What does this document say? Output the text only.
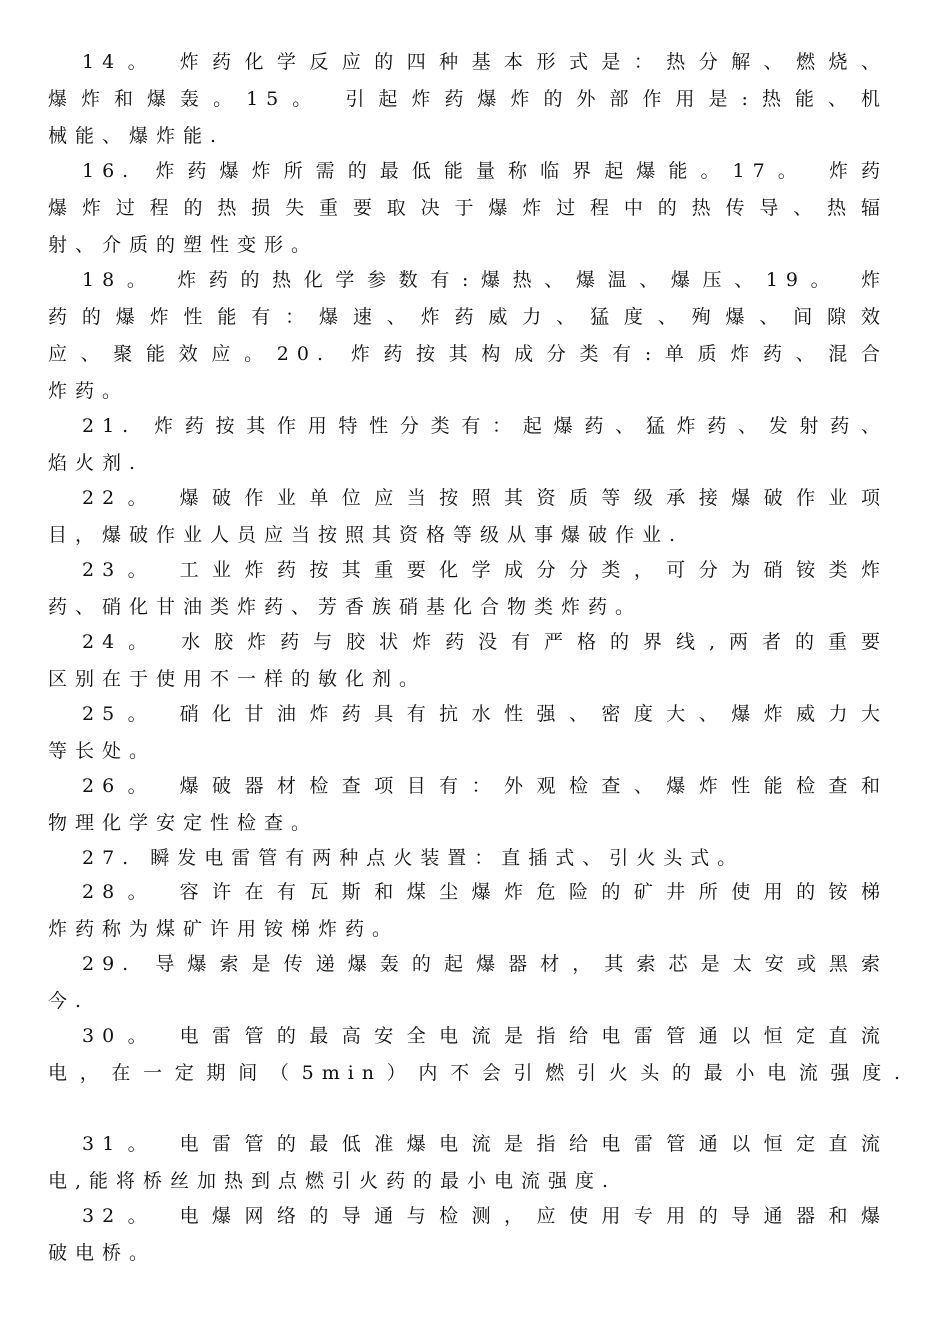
14。 炸药化学反应的四种基本形式是：热分解、燃烧、
爆炸和爆轰。15。 引起炸药爆炸的外部作用是:热能、机
械能、爆炸能.
16. 炸药爆炸所需的最低能量称临界起爆能。17。 炸药
爆炸过程的热损失重要取决于爆炸过程中的热传导、热辐
射、介质的塑性变形。
18。 炸药的热化学参数有:爆热、爆温、爆压、19。 炸
药的爆炸性能有：爆速、炸药威力、猛度、殉爆、间隙效
应、聚能效应。20. 炸药按其构成分类有:单质炸药、混合
炸药。
21. 炸药按其作用特性分类有：起爆药、猛炸药、发射药、
焰火剂.
22。 爆破作业单位应当按照其资质等级承接爆破作业项
目，爆破作业人员应当按照其资格等级从事爆破作业.
23。 工业炸药按其重要化学成分分类，可分为硝铵类炸
药、硝化甘油类炸药、芳香族硝基化合物类炸药。
24。 水胶炸药与胶状炸药没有严格的界线,两者的重要
区别在于使用不一样的敏化剂。
25。 硝化甘油炸药具有抗水性强、密度大、爆炸威力大
等长处。
26。 爆破器材检查项目有：外观检查、爆炸性能检查和
物理化学安定性检查。
27. 瞬发电雷管有两种点火装置：直插式、引火头式。
28。 容许在有瓦斯和煤尘爆炸危险的矿井所使用的铵梯
炸药称为煤矿许用铵梯炸药。
29. 导爆索是传递爆轰的起爆器材，其索芯是太安或黑索
今.
30。 电雷管的最高安全电流是指给电雷管通以恒定直流
电，在一定期间（5min）内不会引燃引火头的最小电流强度.
31。 电雷管的最低准爆电流是指给电雷管通以恒定直流
电,能将桥丝加热到点燃引火药的最小电流强度.
32。 电爆网络的导通与检测，应使用专用的导通器和爆
破电桥。
